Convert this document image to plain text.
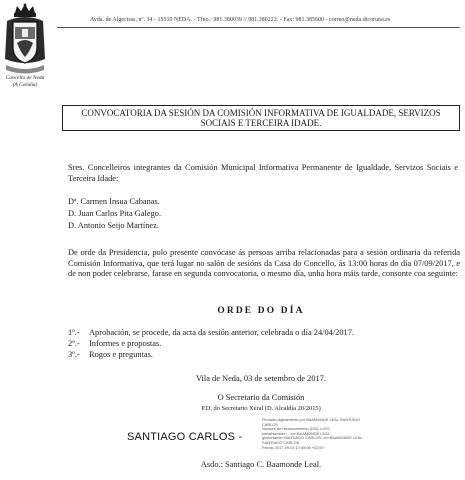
Concello de Neda
(A Coruña)
Avda. de Algeciras, nº. 34 - 15510 NEDA. - Tfno.: 981.380039 // 981.380222. - Fax: 981.385600 - correo@neda.dicoruna.es
CONVOCATORIA DA SESIÓN DA COMISIÓN INFORMATIVA DE IGUALDADE, SERVIZOS SOCIAIS E TERCEIRA IDADE.
Sres. Concelleiros integrantes da Comisión Municipal Informativa Permanente de Igualdade, Servizos Sociais e Terceira Idade:
Dª. Carmen Insua Cabanas.
D. Juan Carlos Pita Galego.
D. Antonio Seijo Martínez.
De orde da Presidencia, polo presente convócase ás persoas arriba relacionadas para a sesión ordinaria da referida Comisión Informativa, que terá lugar no salón de sesións da Casa do Concello, ás 13:00 horas do día 07/09/2017, e de non poder celebrarse, farase en segunda convocatoria, o mesmo día, unha hora máis tarde, consonte coa seguinte:
ORDE DO DÍA
1º.- Aprobación, se procede, da acta da sesión anterior, celebrada o día 24/04/2017.
2º.- Informes e propostas.
3º.- Rogos e preguntas.
Vila de Neda, 03 de setembro de 2017.
O Secretario da Comisión
P.D. do Secretario Xeral (D. Alcaldía 20/2015)
SANTIAGO CARLOS -
Firmado digitalmente por BAAMONDE LEAL SANTIAGO
CARLOS
Nombre de reconocimiento (DN): c=ES,
serialNumber= , sn=BAAMONDE LEAL,
givenName=SANTIAGO CARLOS, cn=BAAMONDE LEAL
SANTIAGO CARLOS -
Fecha: 2017.09.03 17:49:08 +02'00'
Asdo.: Santiago C. Baamonde Leal.
